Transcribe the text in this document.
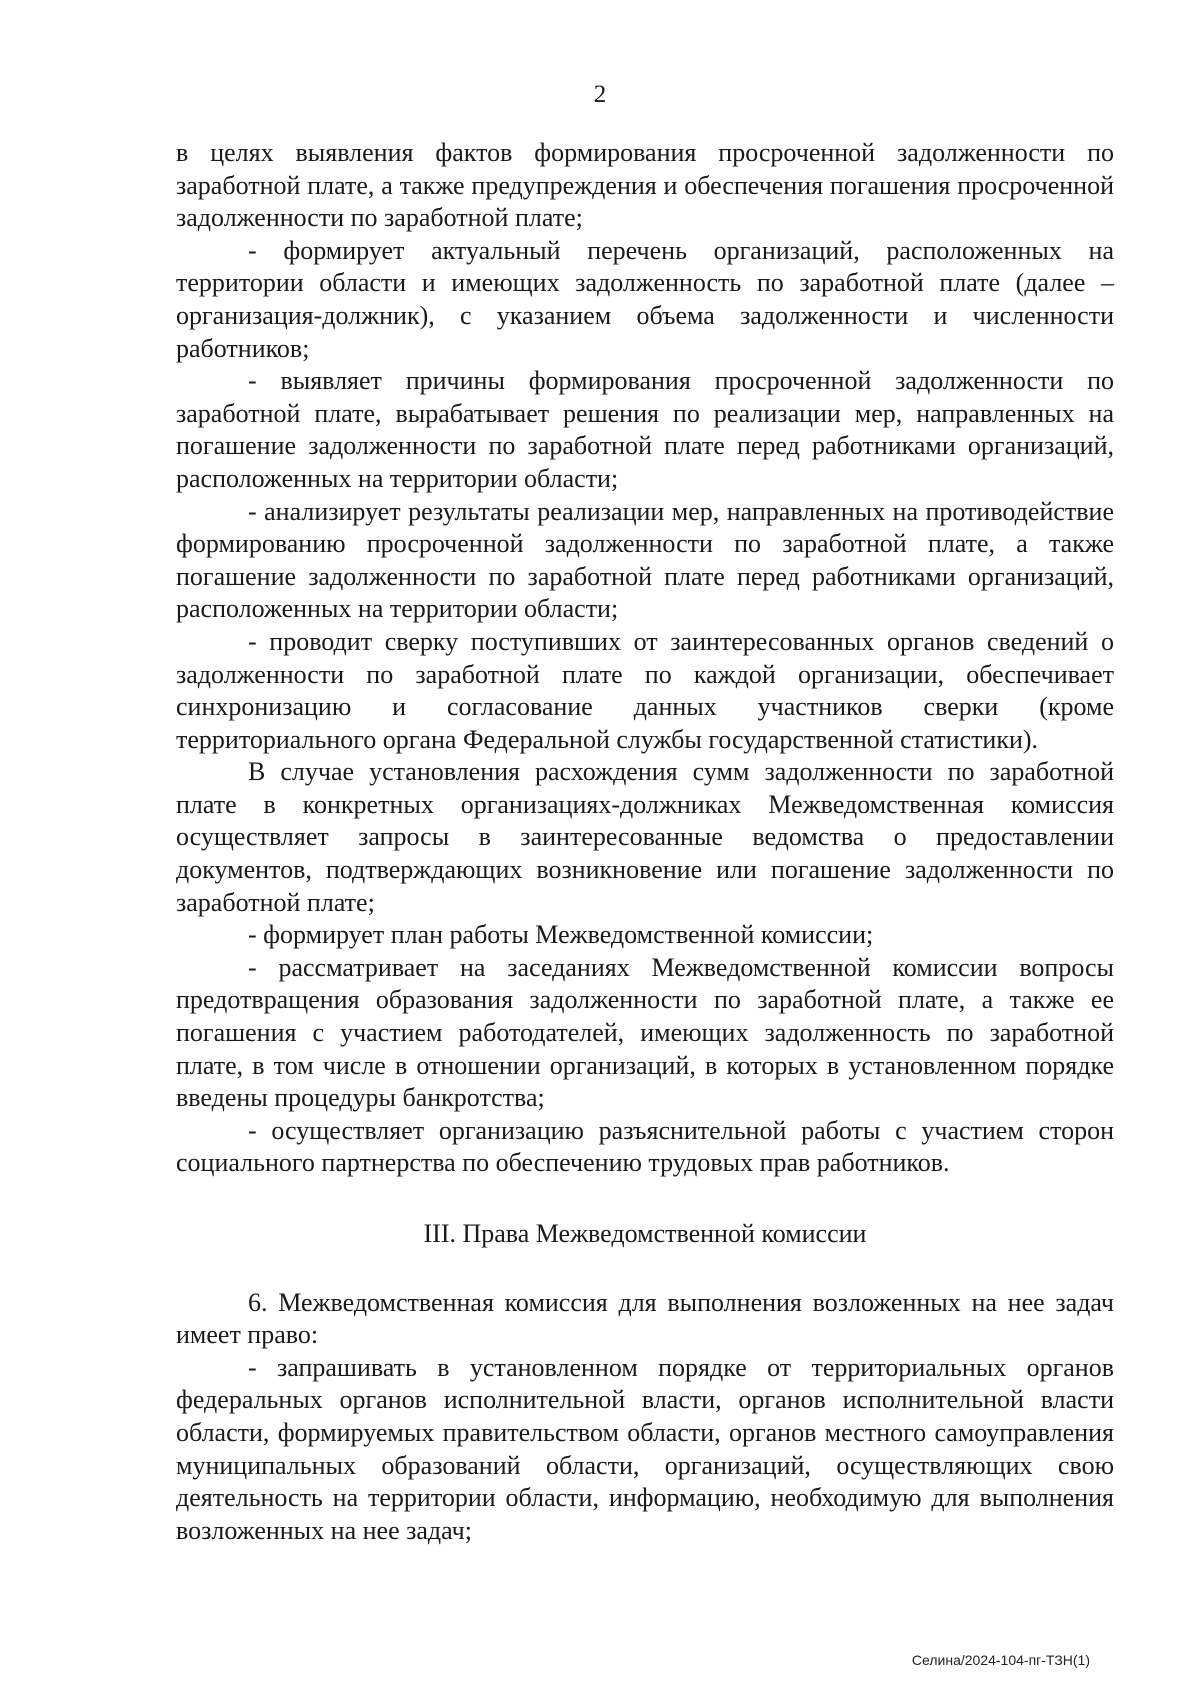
2

в целях выявления фактов формирования просроченной задолженности по заработной плате, а также предупреждения и обеспечения погашения просроченной задолженности по заработной плате;

- формирует актуальный перечень организаций, расположенных на территории области и имеющих задолженность по заработной плате (далее – организация-должник), с указанием объема задолженности и численности работников;

- выявляет причины формирования просроченной задолженности по заработной плате, вырабатывает решения по реализации мер, направленных на погашение задолженности по заработной плате перед работниками организаций, расположенных на территории области;

- анализирует результаты реализации мер, направленных на противодействие формированию просроченной задолженности по заработной плате, а также погашение задолженности по заработной плате перед работниками организаций, расположенных на территории области;

- проводит сверку поступивших от заинтересованных органов сведений о задолженности по заработной плате по каждой организации, обеспечивает синхронизацию и согласование данных участников сверки (кроме территориального органа Федеральной службы государственной статистики).

В случае установления расхождения сумм задолженности по заработной плате в конкретных организациях-должниках Межведомственная комиссия осуществляет запросы в заинтересованные ведомства о предоставлении документов, подтверждающих возникновение или погашение задолженности по заработной плате;

- формирует план работы Межведомственной комиссии;

- рассматривает на заседаниях Межведомственной комиссии вопросы предотвращения образования задолженности по заработной плате, а также ее погашения с участием работодателей, имеющих задолженность по заработной плате, в том числе в отношении организаций, в которых в установленном порядке введены процедуры банкротства;

- осуществляет организацию разъяснительной работы с участием сторон социального партнерства по обеспечению трудовых прав работников.

III. Права Межведомственной комиссии

6. Межведомственная комиссия для выполнения возложенных на нее задач имеет право:

- запрашивать в установленном порядке от территориальных органов федеральных органов исполнительной власти, органов исполнительной власти области, формируемых правительством области, органов местного самоуправления муниципальных образований области, организаций, осуществляющих свою деятельность на территории области, информацию, необходимую для выполнения возложенных на нее задач;

Селина/2024-104-пг-ТЗН(1)
